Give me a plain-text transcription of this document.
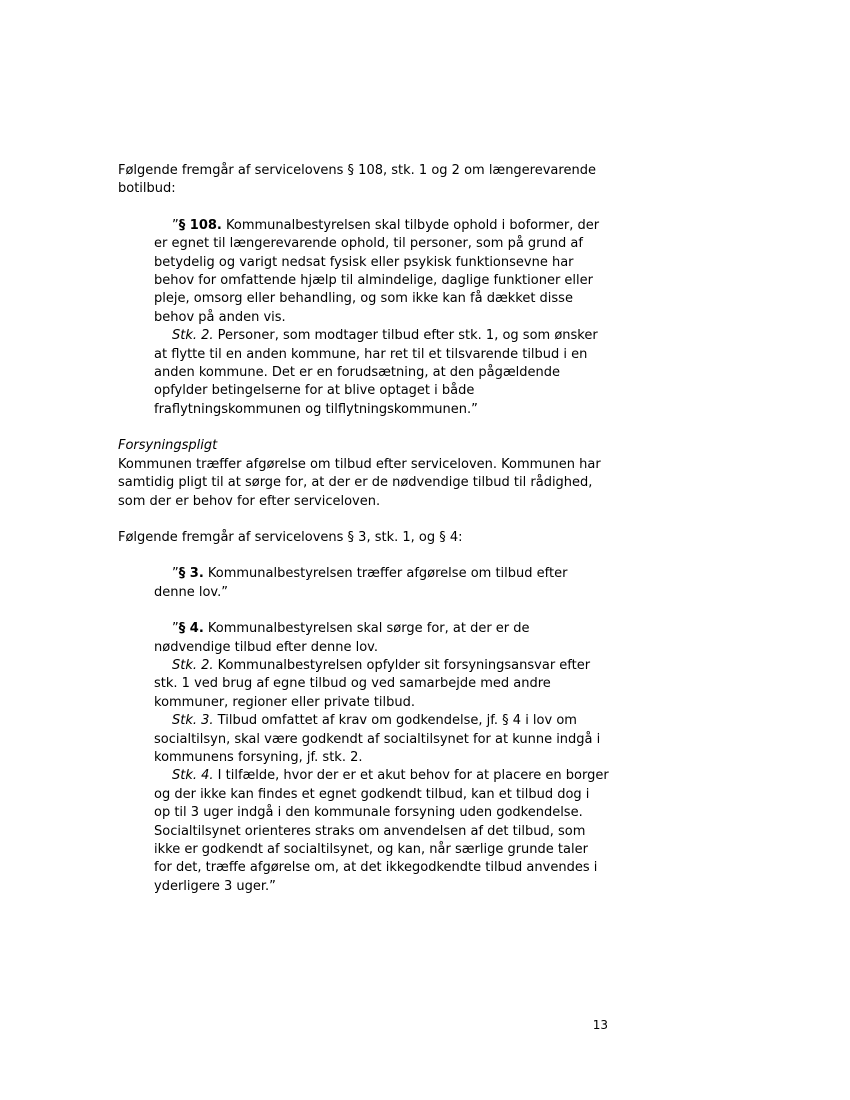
Følgende fremgår af servicelovens § 108, stk. 1 og 2 om længerevarende botilbud:

”§ 108. Kommunalbestyrelsen skal tilbyde ophold i boformer, der er egnet til længerevarende ophold, til personer, som på grund af betydelig og varigt nedsat fysisk eller psykisk funktionsevne har behov for omfattende hjælp til almindelige, daglige funktioner eller pleje, omsorg eller behandling, og som ikke kan få dækket disse behov på anden vis.

Stk. 2. Personer, som modtager tilbud efter stk. 1, og som ønsker at flytte til en anden kommune, har ret til et tilsvarende tilbud i en anden kommune. Det er en forudsætning, at den pågældende opfylder betingelserne for at blive optaget i både fraflytningskommunen og tilflytningskommunen.”

Forsyningspligt

Kommunen træffer afgørelse om tilbud efter serviceloven. Kommunen har samtidig pligt til at sørge for, at der er de nødvendige tilbud til rådighed, som der er behov for efter serviceloven.

Følgende fremgår af servicelovens § 3, stk. 1, og § 4:

”§ 3. Kommunalbestyrelsen træffer afgørelse om tilbud efter denne lov.”

”§ 4. Kommunalbestyrelsen skal sørge for, at der er de nødvendige tilbud efter denne lov.

Stk. 2. Kommunalbestyrelsen opfylder sit forsyningsansvar efter stk. 1 ved brug af egne tilbud og ved samarbejde med andre kommuner, regioner eller private tilbud.

Stk. 3. Tilbud omfattet af krav om godkendelse, jf. § 4 i lov om socialtilsyn, skal være godkendt af socialtilsynet for at kunne indgå i kommunens forsyning, jf. stk. 2.

Stk. 4. I tilfælde, hvor der er et akut behov for at placere en borger og der ikke kan findes et egnet godkendt tilbud, kan et tilbud dog i op til 3 uger indgå i den kommunale forsyning uden godkendelse. Socialtilsynet orienteres straks om anvendelsen af det tilbud, som ikke er godkendt af socialtilsynet, og kan, når særlige grunde taler for det, træffe afgørelse om, at det ikkegodkendte tilbud anvendes i yderligere 3 uger.”

13
